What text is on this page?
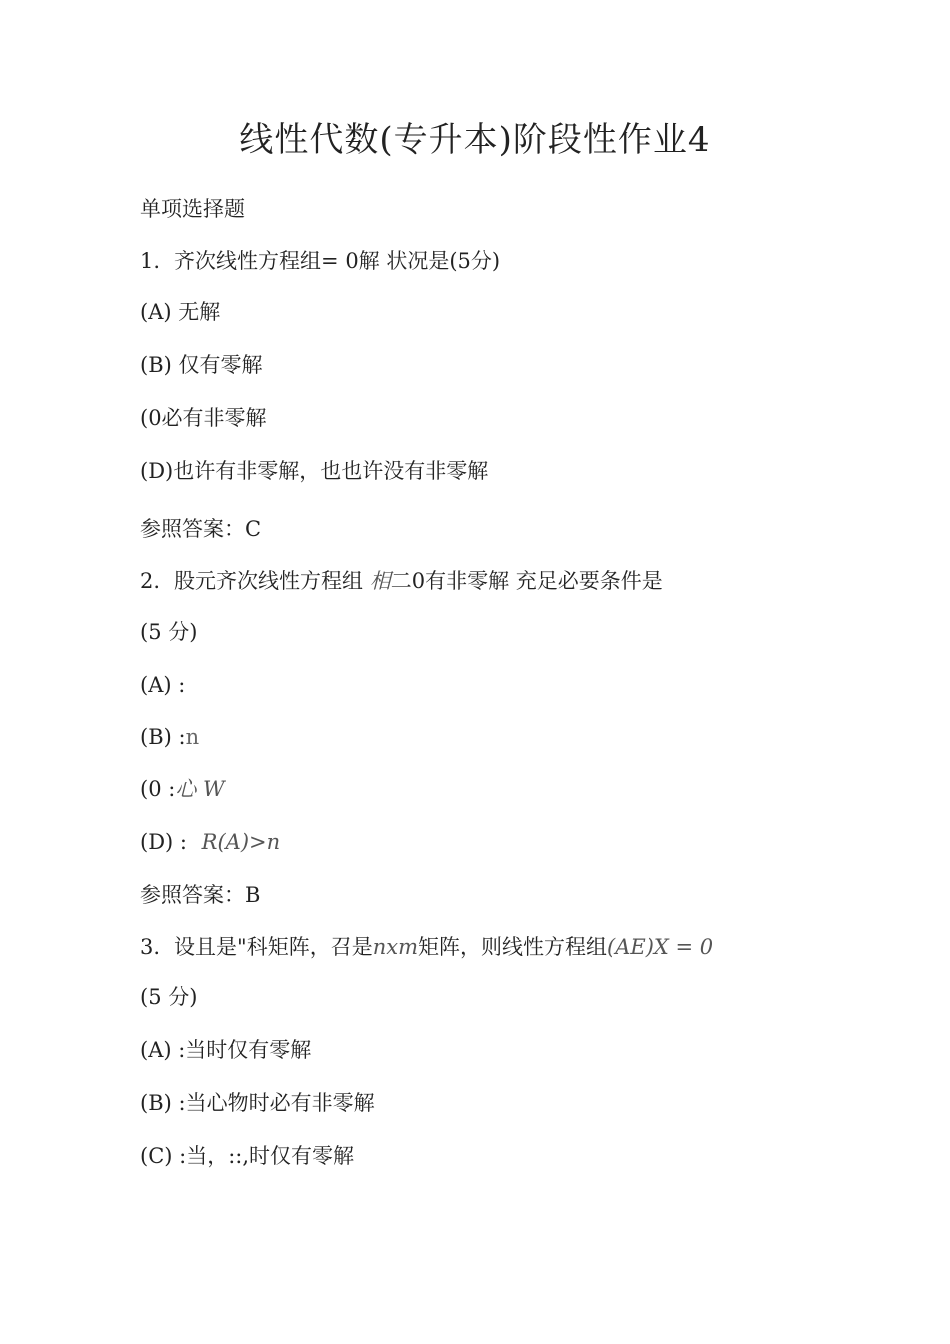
线性代数(专升本)阶段性作业4
单项选择题
1. 齐次线性方程组= 0解 状况是(5分)
(A) 无解
(B) 仅有零解
(0必有非零解
(D)也许有非零解，也也许没有非零解
参照答案：C
2. 股元齐次线性方程组 相二0有非零解 充足必要条件是
(5 分)
(A) :
(B) :n
(0 :心 W
(D) : R(A)>n
参照答案：B
3. 设且是"科矩阵，召是nxm矩阵，则线性方程组(AE)X = 0
(5 分)
(A) :当时仅有零解
(B) :当心物时必有非零解
(C) :当，::,时仅有零解
